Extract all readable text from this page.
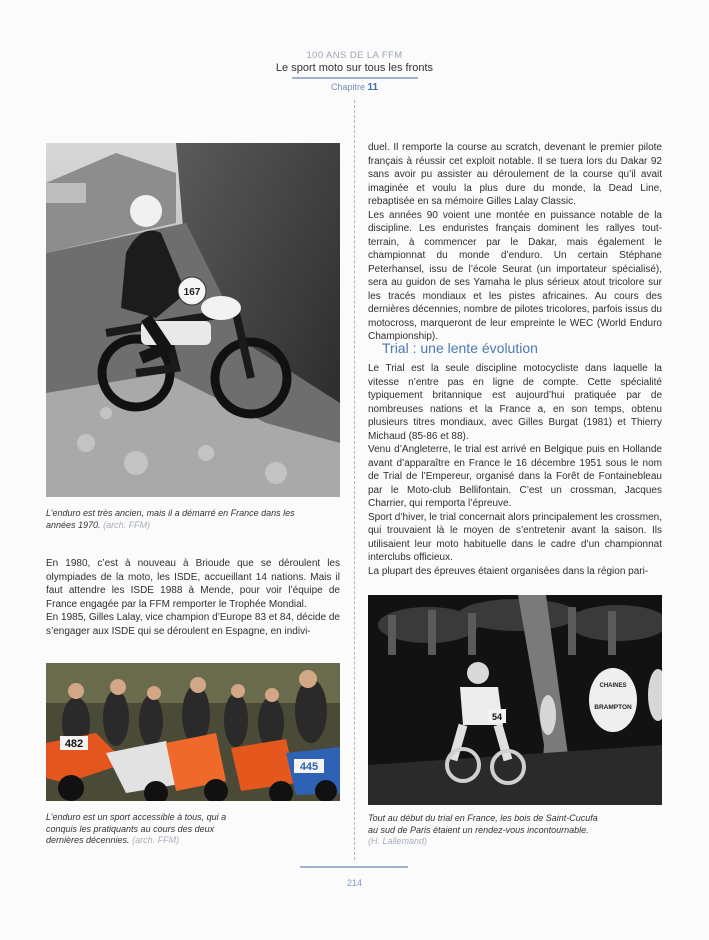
100 ANS DE LA FFM
Le sport moto sur tous les fronts
Chapitre 11
167
L’enduro est très ancien, mais il a démarré en France dans les années 1970. (arch. FFM)

En 1980, c’est à nouveau à Brioude que se déroulent les olympiades de la moto, les ISDE, accueillant 14 nations. Mais il faut attendre les ISDE 1988 à Mende, pour voir l’équipe de France engagée par la FFM remporter le Trophée Mondial.

En 1985, Gilles Lalay, vice champion d’Europe 83 et 84, décide de s’engager aux ISDE qui se déroulent en Espagne, en indivi-

482
445
L’enduro est un sport accessible à tous, qui a conquis les pratiquants au cours des deux dernières décennies. (arch. FFM)

duel. Il remporte la course au scratch, devenant le premier pilote français à réussir cet exploit notable. Il se tuera lors du Dakar 92 sans avoir pu assister au déroulement de la course qu’il avait imaginée et voulu la plus dure du monde, la Dead Line, rebaptisée en sa mémoire Gilles Lalay Classic.

Les années 90 voient une montée en puissance notable de la discipline. Les enduristes français dominent les rallyes tout-terrain, à commencer par le Dakar, mais également le championnat du monde d’enduro. Un certain Stéphane Peterhansel, issu de l’école Seurat (un importateur spécialisé), sera au guidon de ses Yamaha le plus sérieux atout tricolore sur les tracés mondiaux et les pistes africaines. Au cours des dernières décennies, nombre de pilotes tricolores, parfois issus du motocross, marqueront de leur empreinte le WEC (World Enduro Championship).

Trial : une lente évolution

Le Trial est la seule discipline motocycliste dans laquelle la vitesse n’entre pas en ligne de compte. Cette spécialité typiquement britannique est aujourd’hui pratiquée par de nombreuses nations et la France a, en son temps, obtenu plusieurs titres mondiaux, avec Gilles Burgat (1981) et Thierry Michaud (85-86 et 88).

Venu d’Angleterre, le trial est arrivé en Belgique puis en Hollande avant d’apparaître en France le 16 décembre 1951 sous le nom de Trial de l’Empereur, organisé dans la Forêt de Fontainebleau par le Moto-club Bellifontain. C’est un crossman, Jacques Charrier, qui remporta l’épreuve.

Sport d’hiver, le trial concernait alors principalement les crossmen, qui trouvaient là le moyen de s’entretenir avant la saison. Ils utilisaient leur moto habituelle dans le cadre d’un championnat interclubs officieux.

La plupart des épreuves étaient organisées dans la région pari-

54
CHAINES
BRAMPTON
Tout au début du trial en France, les bois de Saint-Cucufa au sud de Paris étaient un rendez-vous incontournable. (H. Lallemand)
214
